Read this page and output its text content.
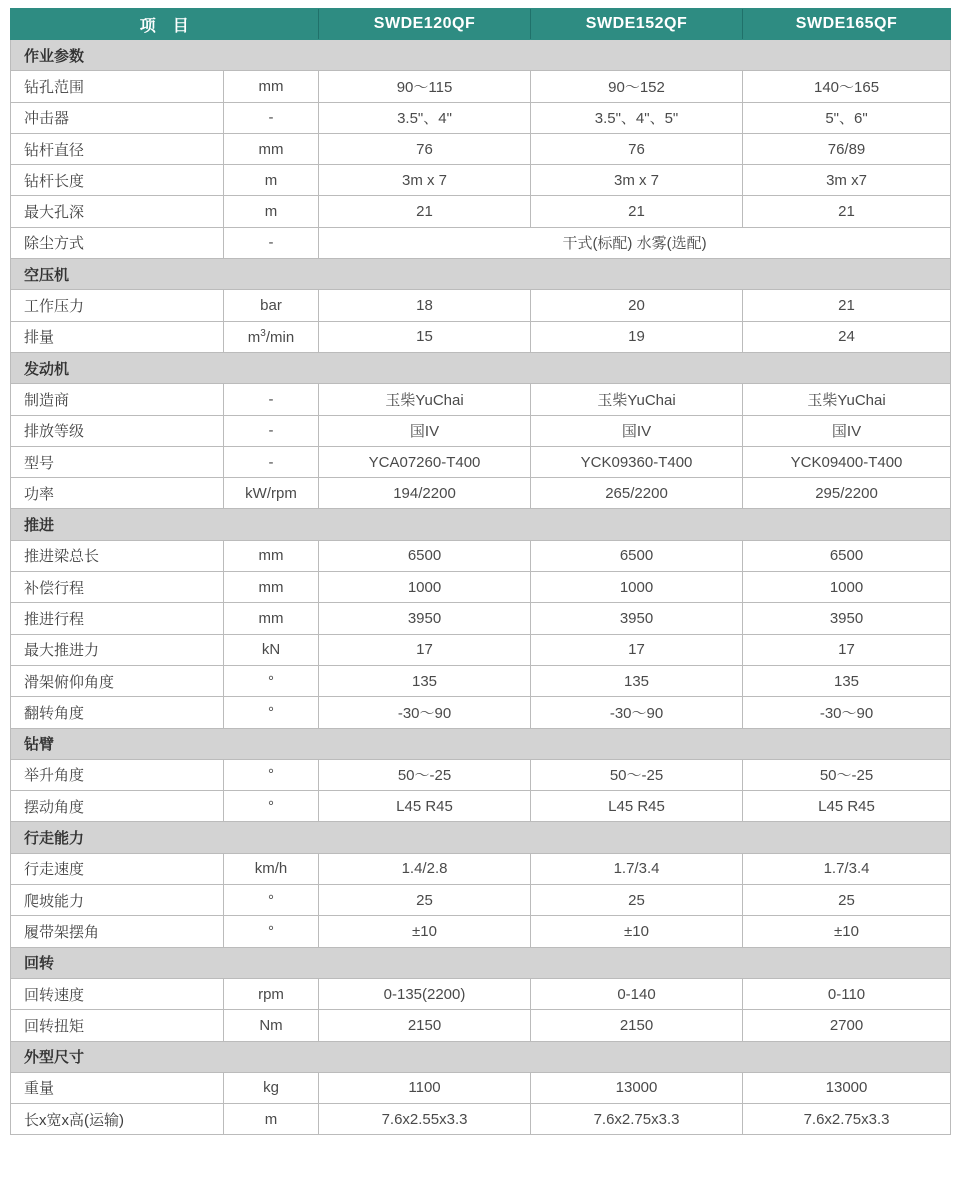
项　目		SWDE120QF	SWDE152QF	SWDE165QF
作业参数				
钻孔范围	mm	90～115	90～152	140～165
冲击器	-	3.5"、4"	3.5"、4"、5"	5"、6"
钻杆直径	mm	76	76	76/89
钻杆长度	m	3m x 7	3m x 7	3m x7
最大孔深	m	21	21	21
除尘方式	-	干式(标配) 水雾(选配)		
空压机				
工作压力	bar	18	20	21
排量	$m^3/\min$	15	19	24
发动机				
制造商	-	玉柴YuChai	玉柴YuChai	玉柴YuChai
排放等级	-	国IV	国IV	国IV
型号	-	YCA07260-T400	YCK09360-T400	YCK09400-T400
功率	kW/rpm	194/2200	265/2200	295/2200
推进				
推进梁总长	mm	6500	6500	6500
补偿行程	mm	1000	1000	1000
推进行程	mm	3950	3950	3950
最大推进力	kN	17	17	17
滑架俯仰角度	°	135	135	135
翻转角度	°	-30～90	-30～90	-30～90
钻臂				
举升角度	°	50～-25	50～-25	50～-25
摆动角度	°	L45 R45	L45 R45	L45 R45
行走能力				
行走速度	km/h	1.4/2.8	1.7/3.4	1.7/3.4
爬坡能力	°	25	25	25
履带架摆角	°	±10	±10	±10
回转				
回转速度	rpm	0-135(2200)	0-140	0-110
回转扭矩	Nm	2150	2150	2700
外型尺寸				
重量	kg	1100	13000	13000
长x宽x高(运输)	m	7.6x2.55x3.3	7.6x2.75x3.3	7.6x2.75x3.3
